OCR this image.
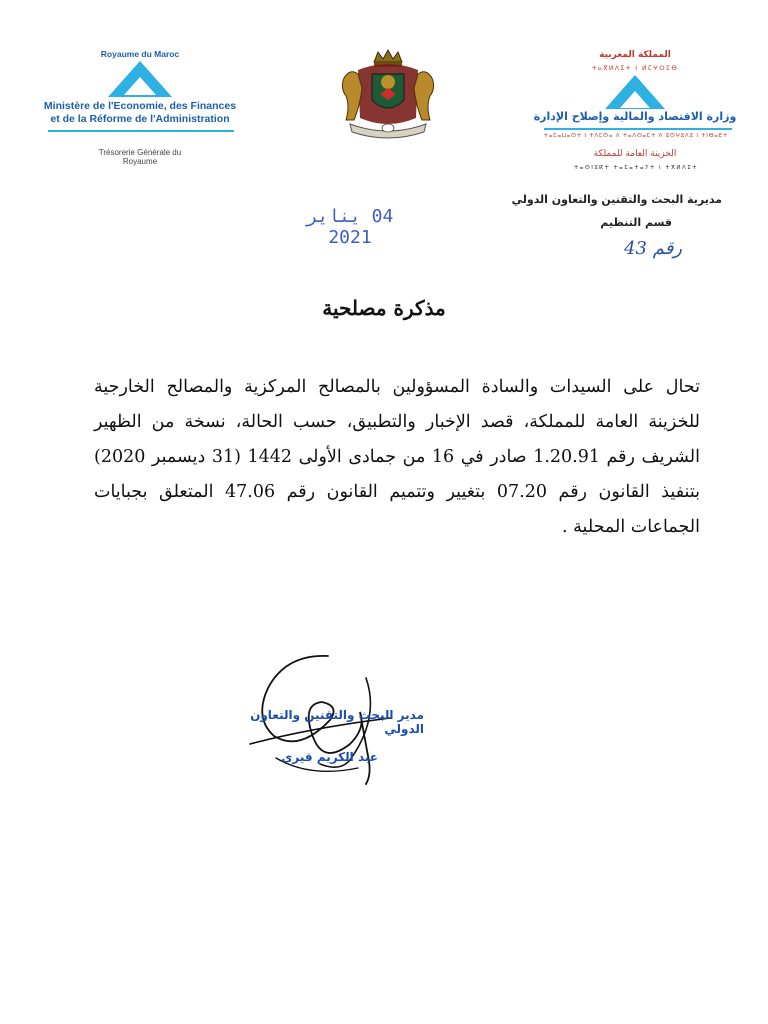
Royaume du Maroc
Ministère de l'Economie, des Finances
et de la Réforme de l'Administration
Trésorerie Générale du
Royaume
المملكة المغربية
ⵜⴰⴳⵍⴷⵉⵜ ⵏ ⵍⵎⵖⵔⵉⴱ
وزارة الاقتصاد والمالية وإصلاح الإدارة
ⵜⴰⵎⴰⵡⴰⵙⵜ ⵏ ⵜⴷⵎⵙⴰ ⴷ ⵜⴰⴷⵔⴰⵎⵜ ⴷ ⵓⵙⵖⵓⴷⵓ ⵏ ⵜⵏⴱⴰⴹⵜ
الخزينة العامة للمملكة
ⵜⴰⵙⵏⵓⴽⵜ ⵜⴰⵎⴰⵜⴰⵢⵜ ⵏ ⵜⴳⵍⴷⵉⵜ
مديرية البحث والتقنين والتعاون الدولي
قسم التنظيم
رقم 43
04 يناير 2021
مذكرة مصلحية
تحال على السيدات والسادة المسؤولين بالمصالح المركزية والمصالح الخارجية للخزينة العامة للمملكة، قصد الإخبار والتطبيق، حسب الحالة، نسخة من الظهير الشريف رقم 1.20.91 صادر في 16 من جمادى الأولى 1442 (31 ديسمبر 2020) بتنفيذ القانون رقم 07.20 بتغيير وتتميم القانون رقم 47.06 المتعلق بجبايات الجماعات المحلية .
مدير البحث والتقنين والتعاون الدولي
عبد الكريم قيري
